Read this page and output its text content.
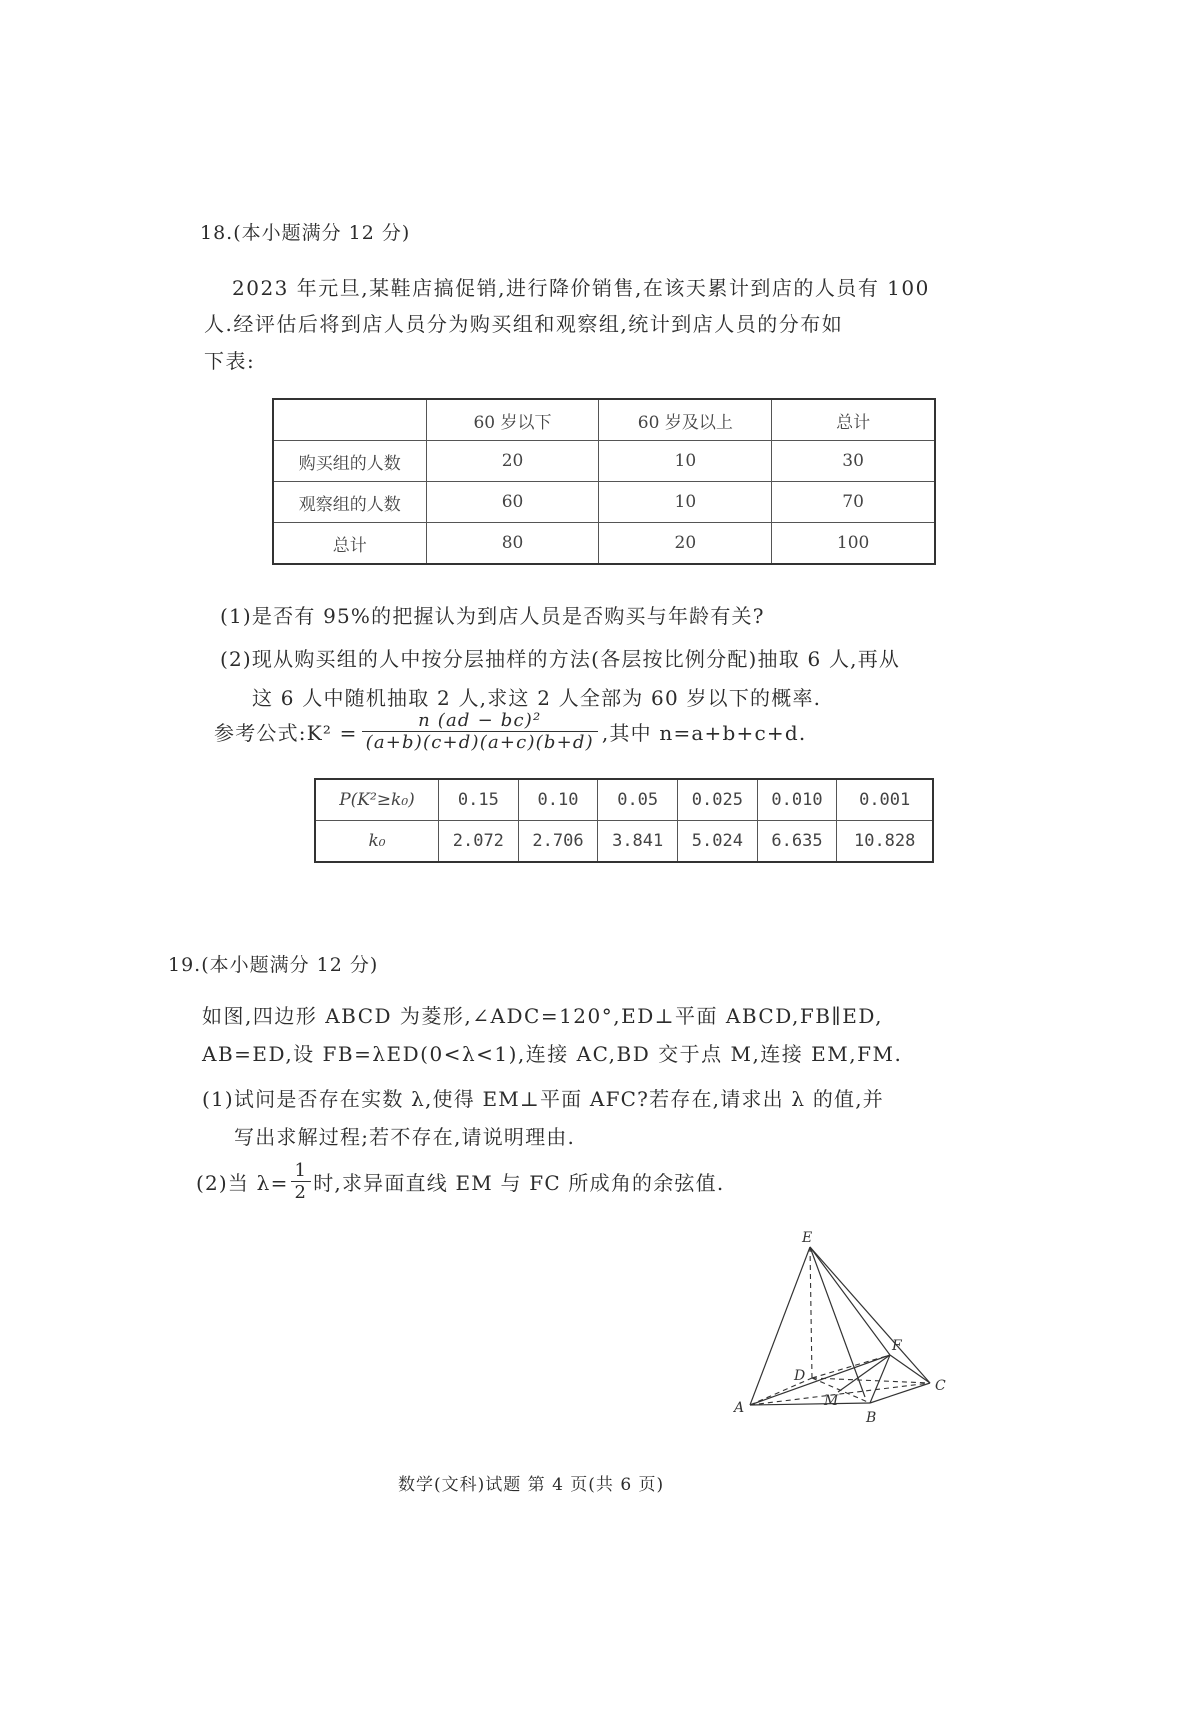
18.(本小题满分 12 分)
2023 年元旦,某鞋店搞促销,进行降价销售,在该天累计到店的人员有 100
人.经评估后将到店人员分为购买组和观察组,统计到店人员的分布如
下表:
	60 岁以下	60 岁及以上	总计
购买组的人数	20	10	30
观察组的人数	60	10	70
总计	80	20	100
(1)是否有 95%的把握认为到店人员是否购买与年龄有关?
(2)现从购买组的人中按分层抽样的方法(各层按比例分配)抽取 6 人,再从
这 6 人中随机抽取 2 人,求这 2 人全部为 60 岁以下的概率.
参考公式:K² = $\frac{\text{n (ad − bc)²}}{(a+b)(c+d)(a+c)(b+d)}$ ,其中 n=a+b+c+d.
P(K²≥k₀)	0.15	0.10	0.05	0.025	0.010	0.001
k₀	2.072	2.706	3.841	5.024	6.635	10.828
19.(本小题满分 12 分)
如图,四边形 ABCD 为菱形,∠ADC=120°,ED⊥平面 ABCD,FB∥ED,
AB=ED,设 FB=λED(0<λ<1),连接 AC,BD 交于点 M,连接 EM,FM.
(1)试问是否存在实数 λ,使得 EM⊥平面 AFC?若存在,请求出 λ 的值,并
写出求解过程;若不存在,请说明理由.
(2)当 $\lambda= \frac{1}{2}$ 时,求异面直线 EM 与 FC 所成角的余弦值.
E
F
D
C
A	M
B
数学(文科)试题 第 4 页(共 6 页)
